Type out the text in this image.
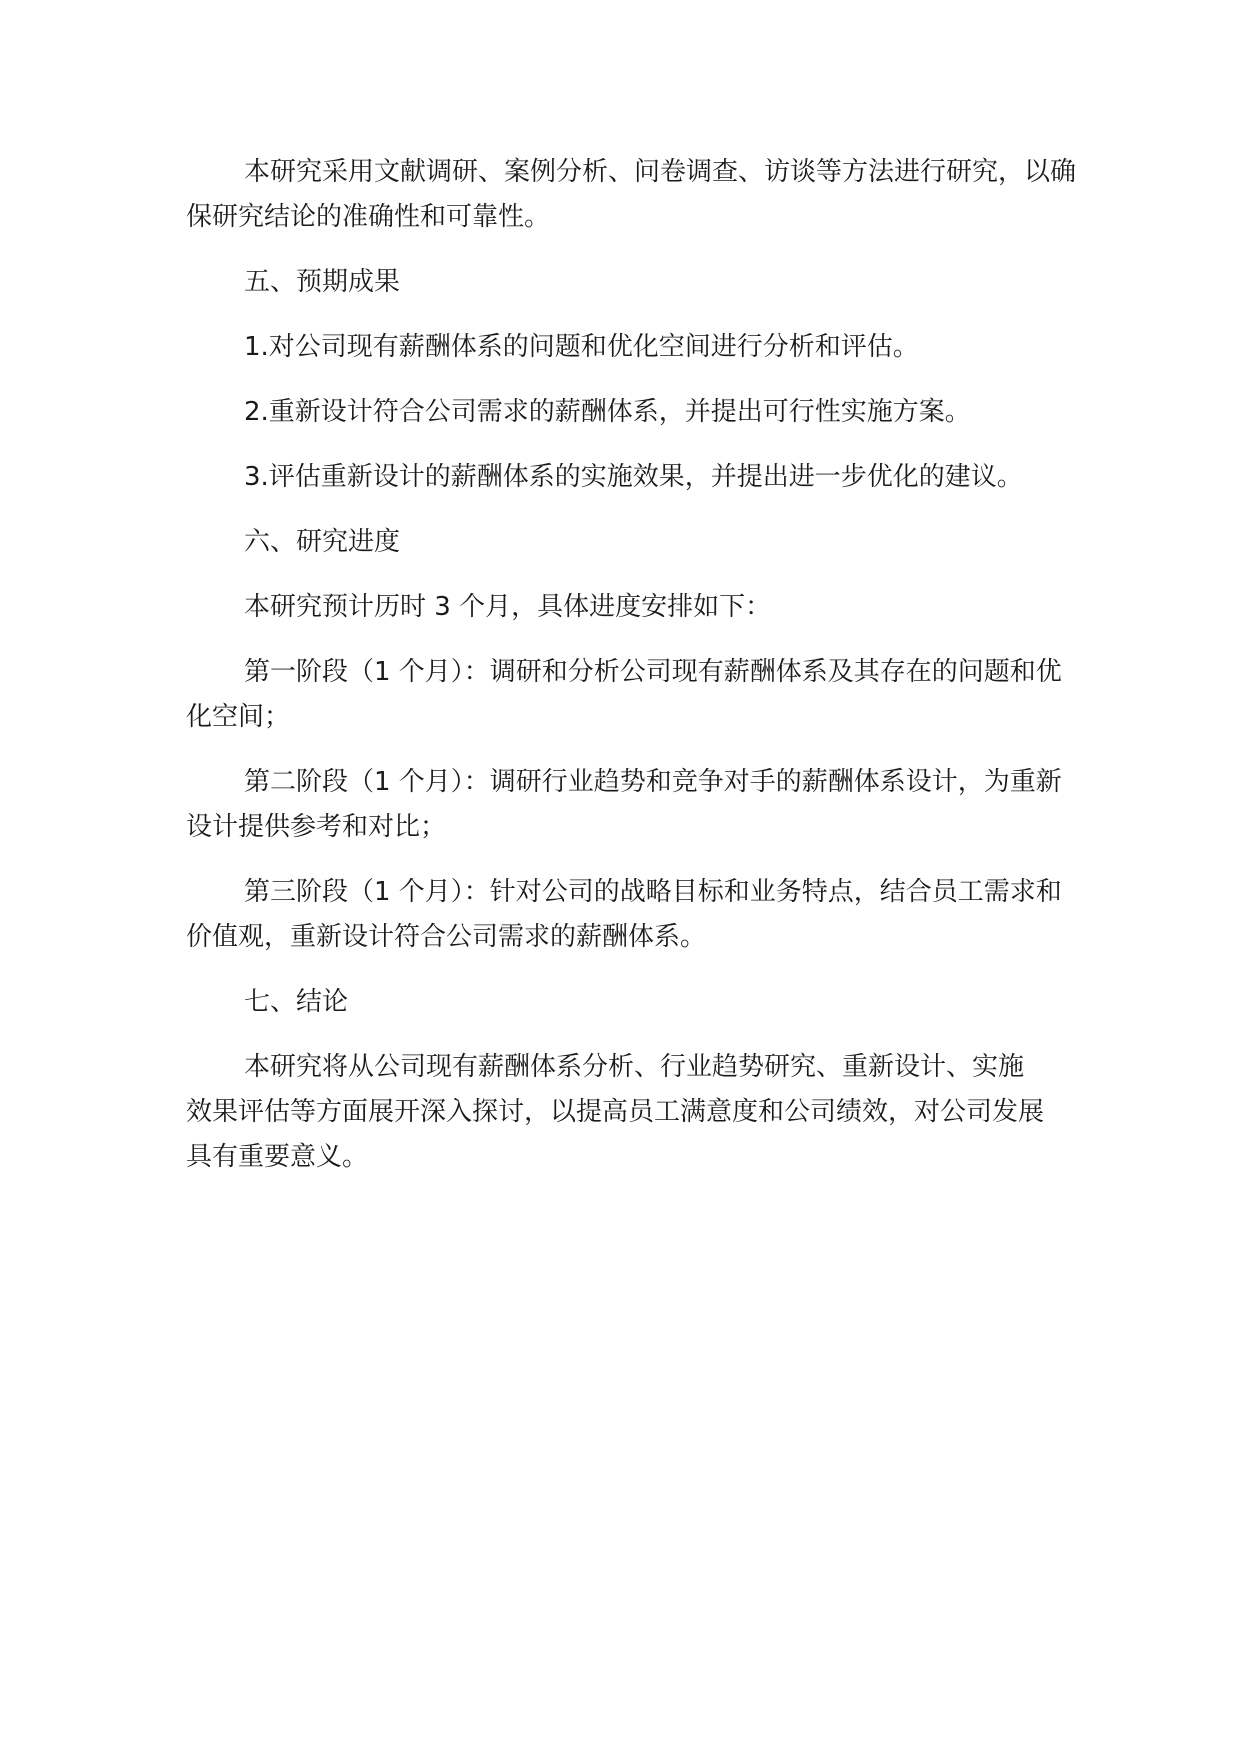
本研究采用文献调研、案例分析、问卷调查、访谈等方法进行研究，以确保研究结论的准确性和可靠性。

五、预期成果

1.对公司现有薪酬体系的问题和优化空间进行分析和评估。

2.重新设计符合公司需求的薪酬体系，并提出可行性实施方案。

3.评估重新设计的薪酬体系的实施效果，并提出进一步优化的建议。

六、研究进度

本研究预计历时 3 个月，具体进度安排如下：

第一阶段（1 个月）：调研和分析公司现有薪酬体系及其存在的问题和优化空间；

第二阶段（1 个月）：调研行业趋势和竞争对手的薪酬体系设计，为重新设计提供参考和对比；

第三阶段（1 个月）：针对公司的战略目标和业务特点，结合员工需求和价值观，重新设计符合公司需求的薪酬体系。

七、结论

本研究将从公司现有薪酬体系分析、行业趋势研究、重新设计、实施效果评估等方面展开深入探讨，以提高员工满意度和公司绩效，对公司发展具有重要意义。
